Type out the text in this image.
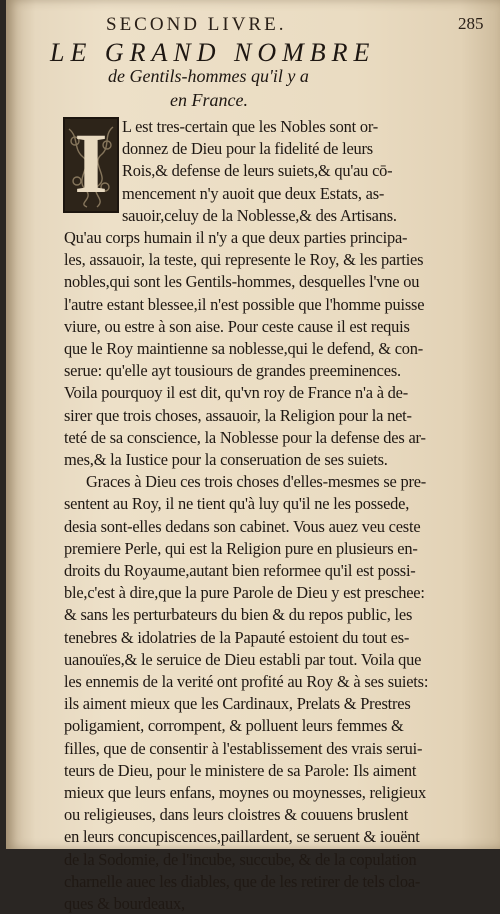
SECOND LIVRE.	285
LE GRAND NOMBRE
de Gentils-hommes qu'il y a
en France.
I L est tres-certain que les Nobles sont or-
donnez de Dieu pour la fidelité de leurs
Rois,& defense de leurs suiets,& qu'au cō-
mencement n'y auoit que deux Estats, as-
sauoir,celuy de la Noblesse,& des Artisans.
Qu'au corps humain il n'y a que deux parties principa-
les, assauoir, la teste, qui represente le Roy, & les parties
nobles,qui sont les Gentils-hommes, desquelles l'vne ou
l'autre estant blessee,il n'est possible que l'homme puisse
viure, ou estre à son aise. Pour ceste cause il est requis
que le Roy maintienne sa noblesse,qui le defend, & con-
serue: qu'elle ayt tousiours de grandes preeminences.
Voila pourquoy il est dit, qu'vn roy de France n'a à de-
sirer que trois choses, assauoir, la Religion pour la net-
teté de sa conscience, la Noblesse pour la defense des ar-
mes,& la Iustice pour la conseruation de ses suiets.
Graces à Dieu ces trois choses d'elles-mesmes se pre-
sentent au Roy, il ne tient qu'à luy qu'il ne les possede,
desia sont-elles dedans son cabinet. Vous auez veu ceste
premiere Perle, qui est la Religion pure en plusieurs en-
droits du Royaume,autant bien reformee qu'il est possi-
ble,c'est à dire,que la pure Parole de Dieu y est preschee:
& sans les perturbateurs du bien & du repos public, les
tenebres & idolatries de la Papauté estoient du tout es-
uanouïes,& le seruice de Dieu establi par tout. Voila que
les ennemis de la verité ont profité au Roy & à ses suiets:
ils aiment mieux que les Cardinaux, Prelats & Prestres
poligamient, corrompent, & polluent leurs femmes &
filles, que de consentir à l'establissement des vrais serui-
teurs de Dieu, pour le ministere de sa Parole: Ils aiment
mieux que leurs enfans, moynes ou moynesses, religieux
ou religieuses, dans leurs cloistres & couuens bruslent
en leurs concupiscences,paillardent, se seruent & iouënt
de la Sodomie, de l'incube, succube, & de la copulation
charnelle auec les diables, que de les retirer de tels cloa-
ques & bourdeaux,
